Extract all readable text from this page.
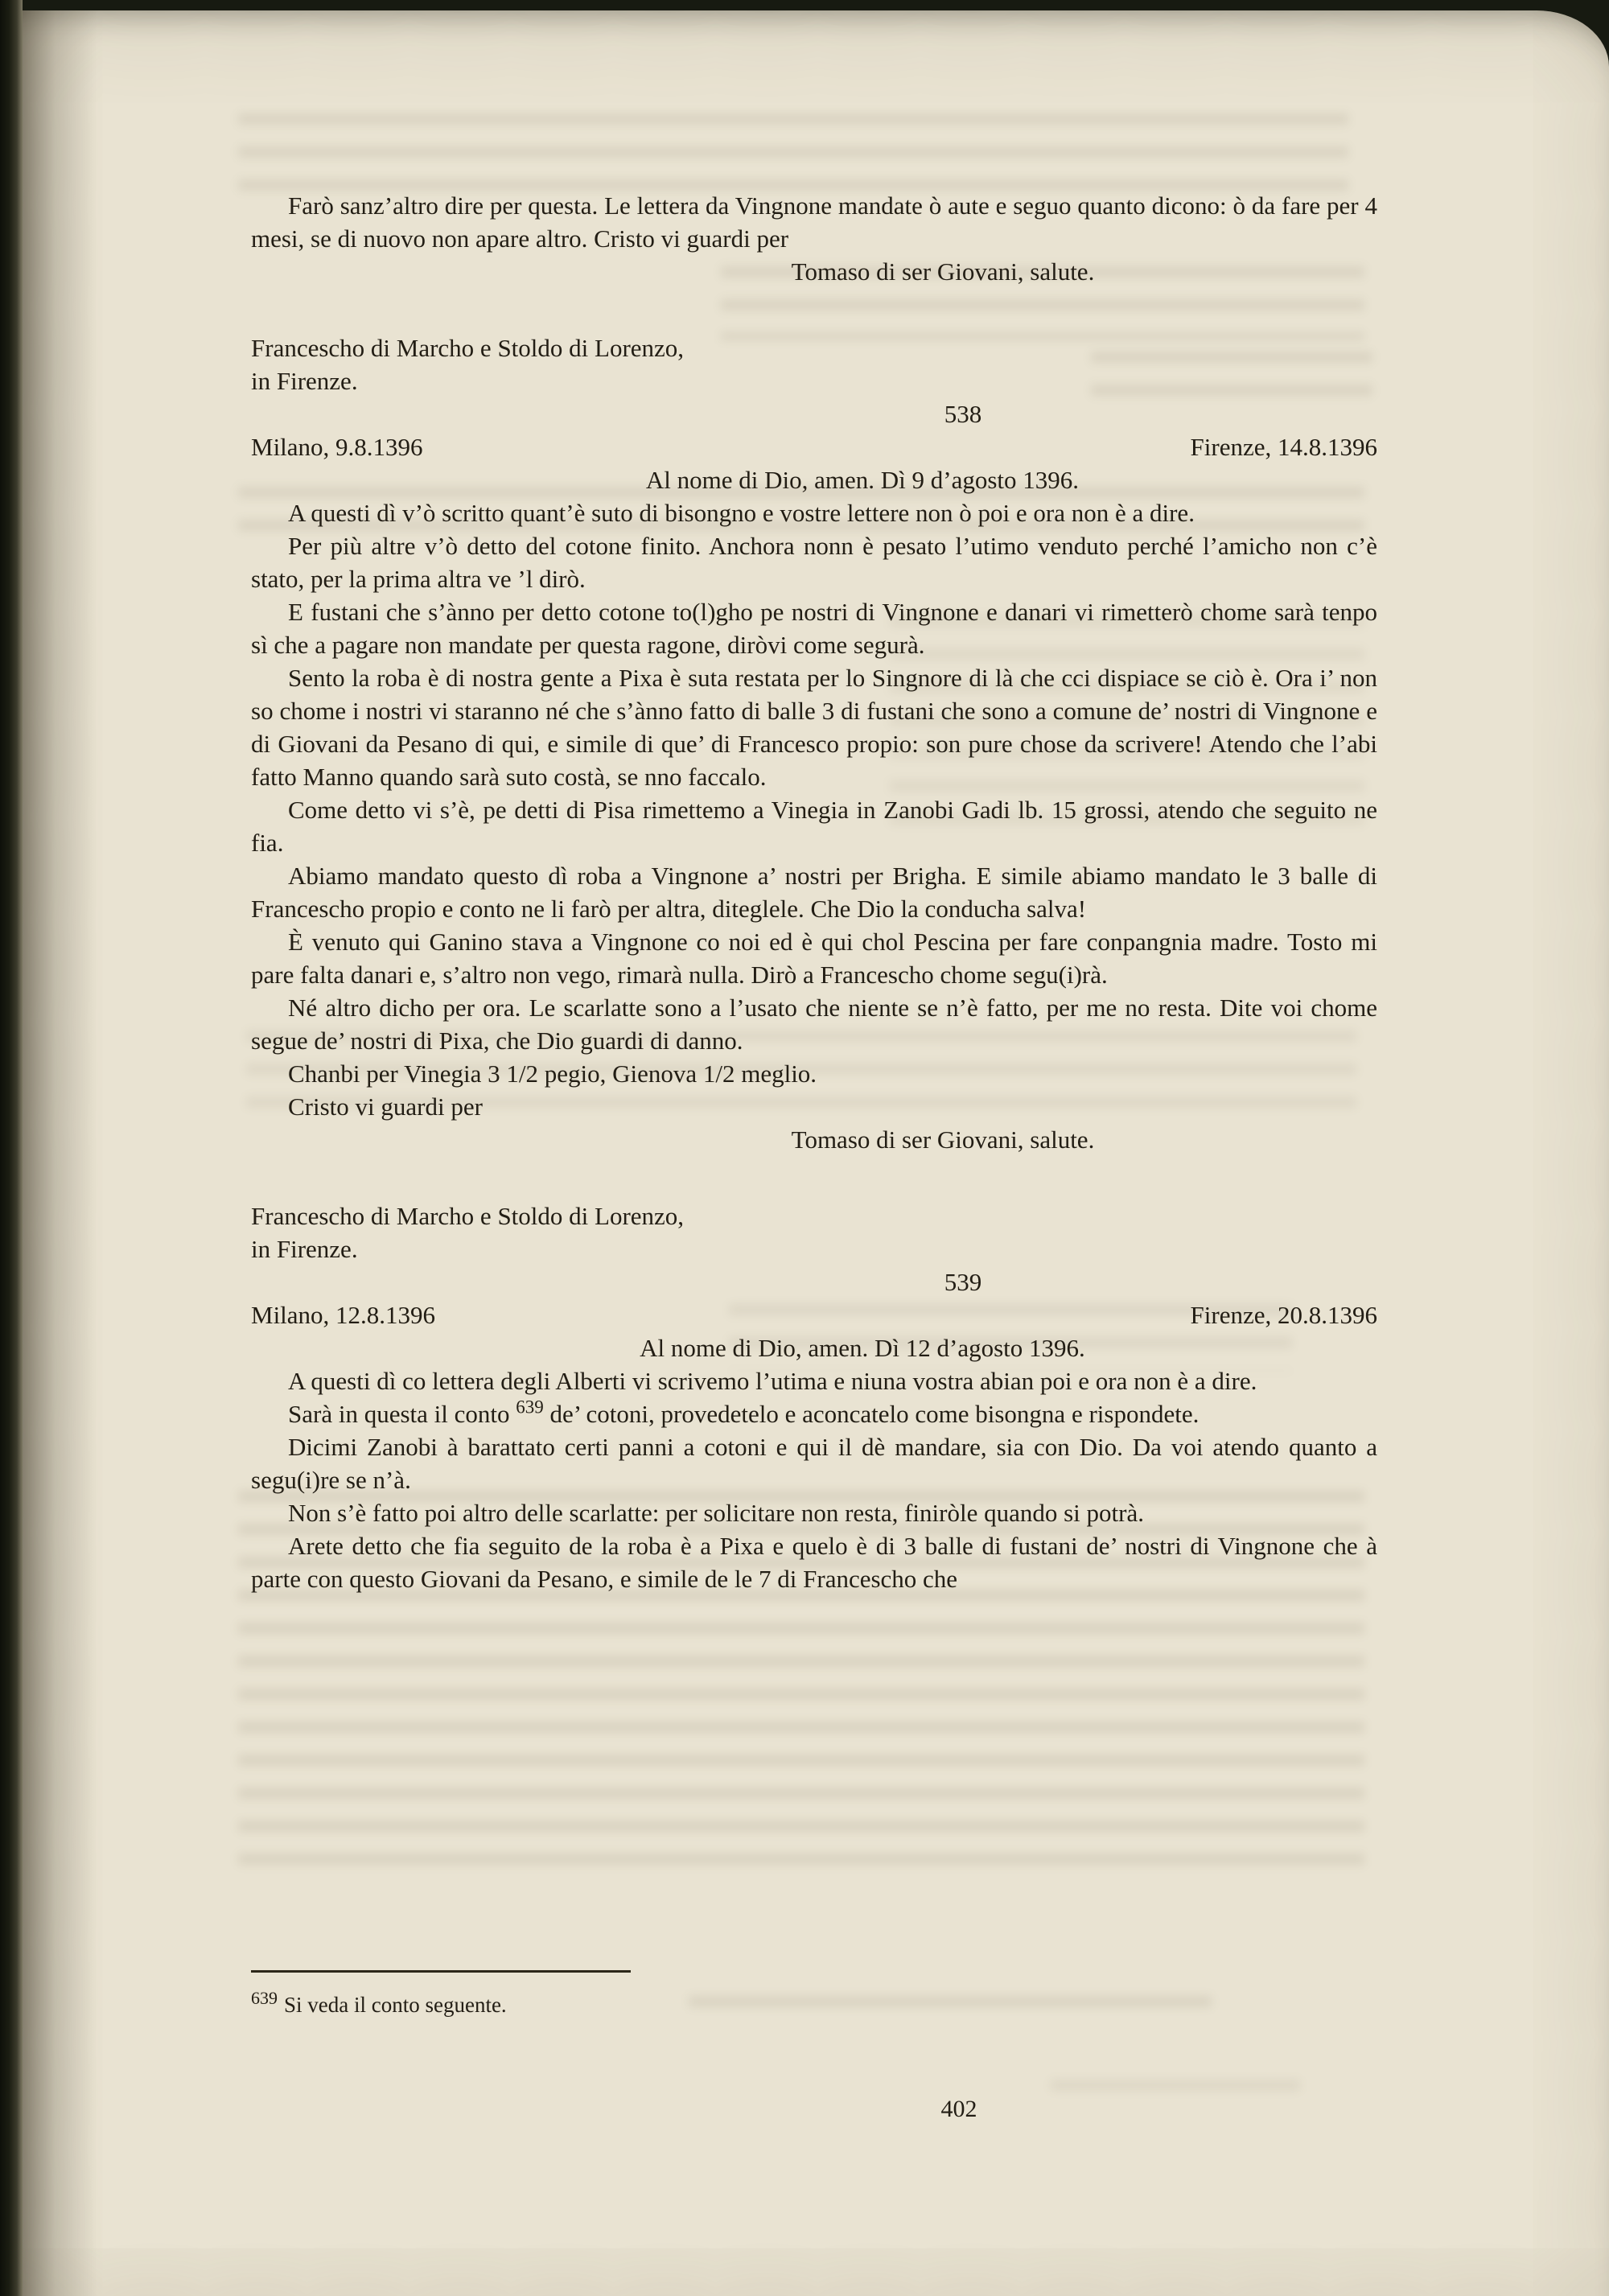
Farò sanz’altro dire per questa. Le lettera da Vingnone mandate ò aute e seguo quanto dicono: ò da fare per 4 mesi, se di nuovo non apare altro. Cristo vi guardi per

Tomaso di ser Giovani, salute.

Francescho di Marcho e Stoldo di Lorenzo,

in Firenze.

538

Milano, 9.8.1396	Firenze, 14.8.1396

Al nome di Dio, amen. Dì 9 d’agosto 1396.

A questi dì v’ò scritto quant’è suto di bisongno e vostre lettere non ò poi e ora non è a dire.

Per più altre v’ò detto del cotone finito. Anchora nonn è pesato l’utimo venduto perché l’amicho non c’è stato, per la prima altra ve ’l dirò.

E fustani che s’ànno per detto cotone to(l)gho pe nostri di Vingnone e danari vi rimetterò chome sarà tenpo sì che a pagare non mandate per questa ragone, diròvi come segurà.

Sento la roba è di nostra gente a Pixa è suta restata per lo Singnore di là che cci dispiace se ciò è. Ora i’ non so chome i nostri vi staranno né che s’ànno fatto di balle 3 di fustani che sono a comune de’ nostri di Vingnone e di Giovani da Pesano di qui, e simile di que’ di Francesco propio: son pure chose da scrivere! Atendo che l’abi fatto Manno quando sarà suto costà, se nno faccalo.

Come detto vi s’è, pe detti di Pisa rimettemo a Vinegia in Zanobi Gadi lb. 15 grossi, atendo che seguito ne fia.

Abiamo mandato questo dì roba a Vingnone a’ nostri per Brigha. E simile abiamo mandato le 3 balle di Francescho propio e conto ne li farò per altra, diteglele. Che Dio la conducha salva!

È venuto qui Ganino stava a Vingnone co noi ed è qui chol Pescina per fare conpangnia madre. Tosto mi pare falta danari e, s’altro non vego, rimarà nulla. Dirò a Francescho chome segu(i)rà.

Né altro dicho per ora. Le scarlatte sono a l’usato che niente se n’è fatto, per me no resta. Dite voi chome segue de’ nostri di Pixa, che Dio guardi di danno.

Chanbi per Vinegia 3 1/2 pegio, Gienova 1/2 meglio.

Cristo vi guardi per

Tomaso di ser Giovani, salute.

Francescho di Marcho e Stoldo di Lorenzo,

in Firenze.

539

Milano, 12.8.1396	Firenze, 20.8.1396

Al nome di Dio, amen. Dì 12 d’agosto 1396.

A questi dì co lettera degli Alberti vi scrivemo l’utima e niuna vostra abian poi e ora non è a dire.

Sarà in questa il conto $^{639}$ de’ cotoni, provedetelo e aconcatelo come bisongna e rispondete.

Dicimi Zanobi à barattato certi panni a cotoni e qui il dè mandare, sia con Dio. Da voi atendo quanto a segu(i)re se n’à.

Non s’è fatto poi altro delle scarlatte: per solicitare non resta, finiròle quando si potrà.

Arete detto che fia seguito de la roba è a Pixa e quelo è di 3 balle di fustani de’ nostri di Vingnone che à parte con questo Giovani da Pesano, e simile de le 7 di Francescho che

$^{639}$ Si veda il conto seguente.
402
